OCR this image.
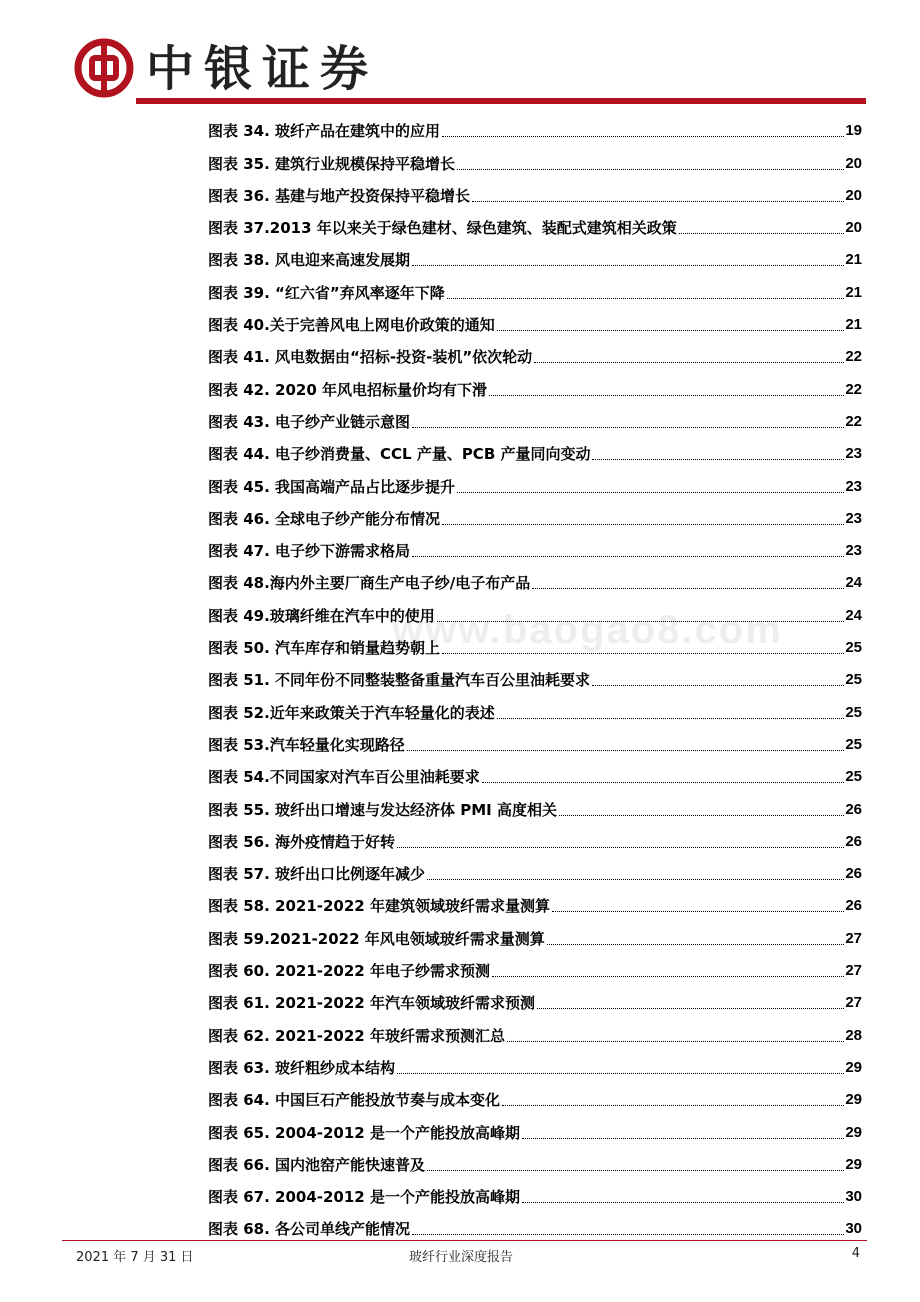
中银证券
www.baogao8.com
图表 34. 玻纤产品在建筑中的应用	19
图表 35. 建筑行业规模保持平稳增长	20
图表 36. 基建与地产投资保持平稳增长	20
图表 37.2013 年以来关于绿色建材、绿色建筑、装配式建筑相关政策	20
图表 38. 风电迎来高速发展期	21
图表 39. “红六省”弃风率逐年下降	21
图表 40.关于完善风电上网电价政策的通知	21
图表 41. 风电数据由“招标-投资-装机”依次轮动	22
图表 42. 2020 年风电招标量价均有下滑	22
图表 43. 电子纱产业链示意图	22
图表 44. 电子纱消费量、CCL 产量、PCB 产量同向变动	23
图表 45. 我国高端产品占比逐步提升	23
图表 46. 全球电子纱产能分布情况	23
图表 47. 电子纱下游需求格局	23
图表 48.海内外主要厂商生产电子纱/电子布产品	24
图表 49.玻璃纤维在汽车中的使用	24
图表 50. 汽车库存和销量趋势朝上	25
图表 51. 不同年份不同整装整备重量汽车百公里油耗要求	25
图表 52.近年来政策关于汽车轻量化的表述	25
图表 53.汽车轻量化实现路径	25
图表 54.不同国家对汽车百公里油耗要求	25
图表 55. 玻纤出口增速与发达经济体 PMI 高度相关	26
图表 56. 海外疫情趋于好转	26
图表 57. 玻纤出口比例逐年减少	26
图表 58. 2021-2022 年建筑领域玻纤需求量测算	26
图表 59.2021-2022 年风电领域玻纤需求量测算	27
图表 60. 2021-2022 年电子纱需求预测	27
图表 61. 2021-2022 年汽车领域玻纤需求预测	27
图表 62. 2021-2022 年玻纤需求预测汇总	28
图表 63. 玻纤粗纱成本结构	29
图表 64. 中国巨石产能投放节奏与成本变化	29
图表 65. 2004-2012 是一个产能投放高峰期	29
图表 66. 国内池窑产能快速普及	29
图表 67. 2004-2012 是一个产能投放高峰期	30
图表 68. 各公司单线产能情况	30
2021 年 7 月 31 日	玻纤行业深度报告	4
